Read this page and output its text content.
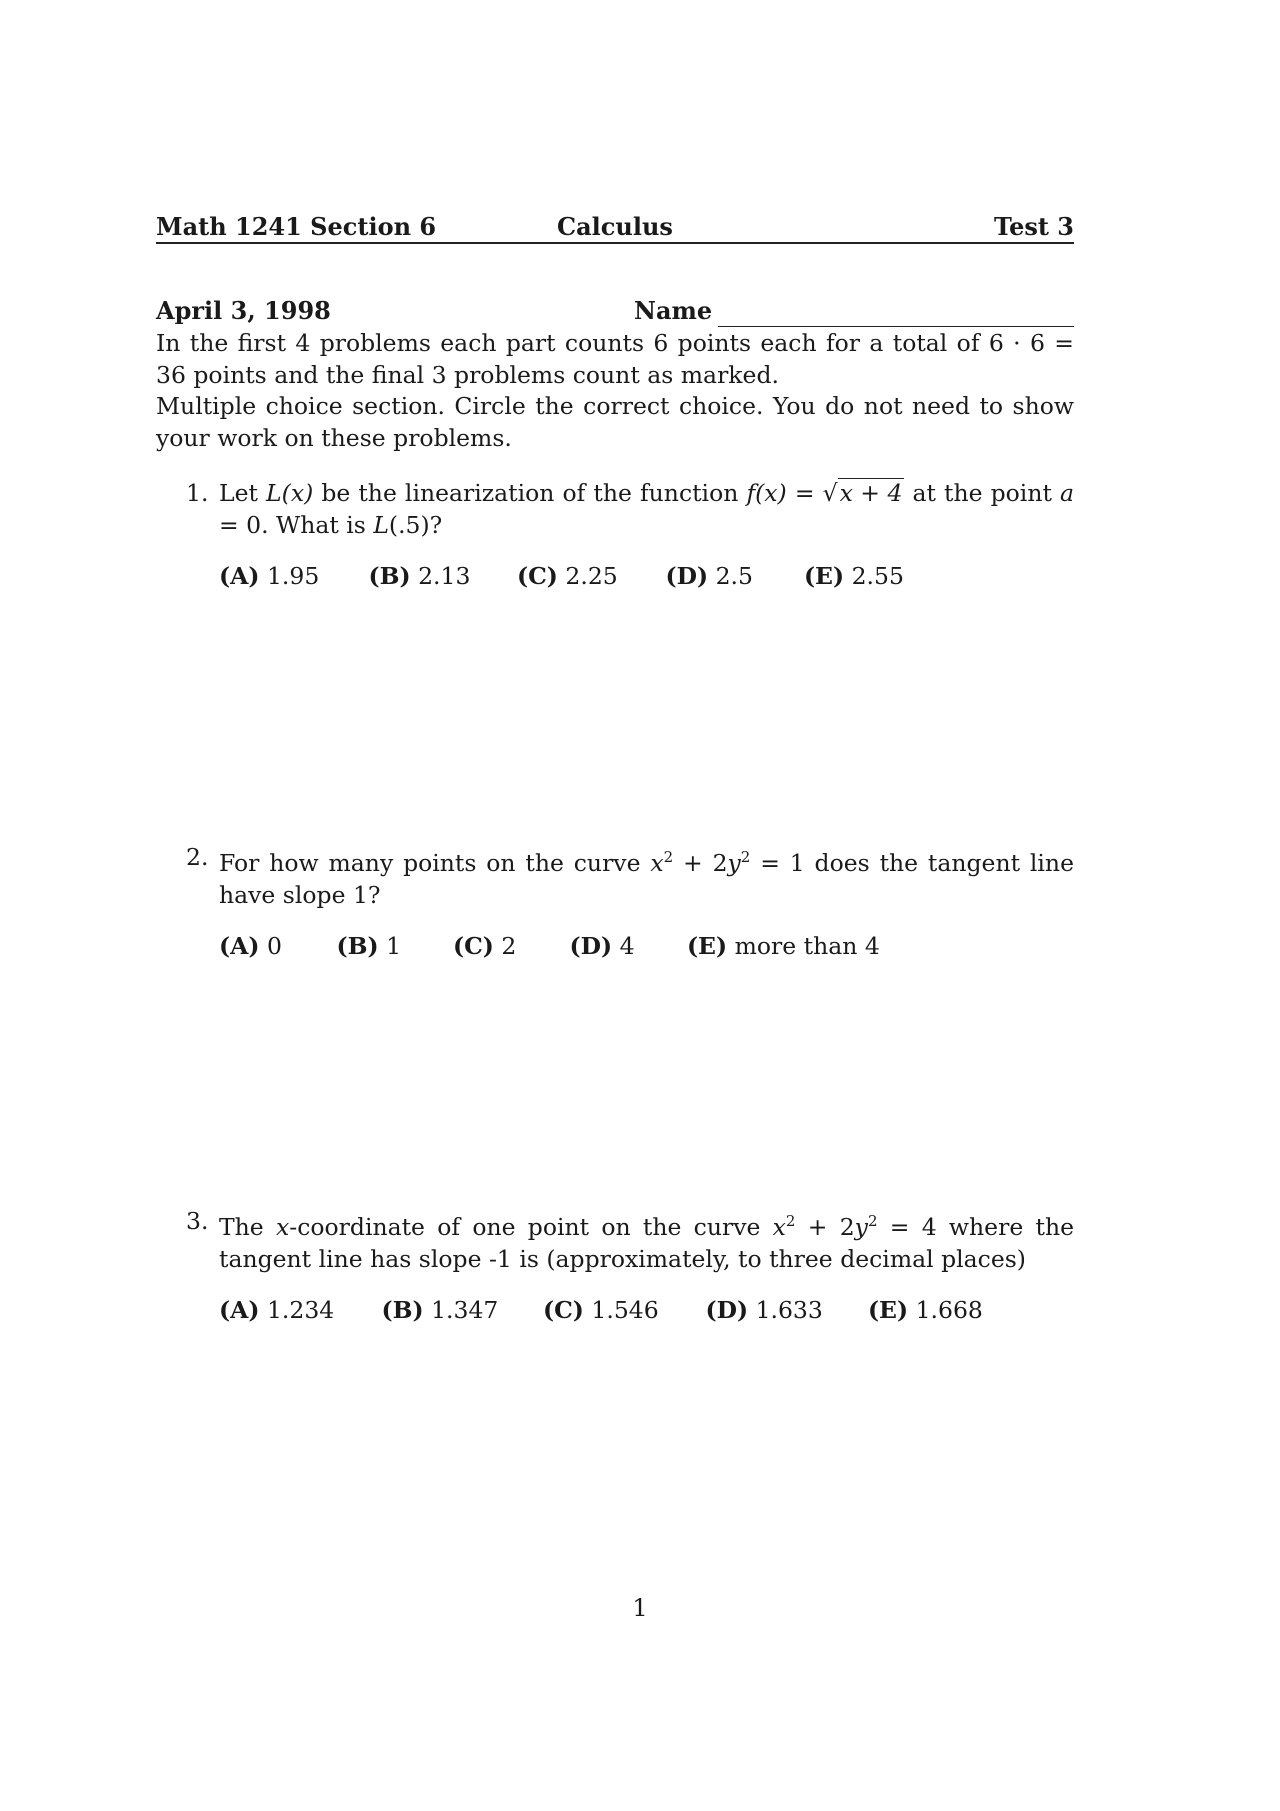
Math 1241 Section 6	Calculus	Test 3
April 3, 1998	Name

In the first 4 problems each part counts 6 points each for a total of 6 · 6 = 36 points and the final 3 problems count as marked.

Multiple choice section. Circle the correct choice. You do not need to show your work on these problems.

1. Let L(x) be the linearization of the function f(x) = √x + 4 at the point a = 0. What is L(.5)?
(A) 1.95 (B) 2.13 (C) 2.25 (D) 2.5 (E) 2.55
2. For how many points on the curve $x^2 + 2y^2 = 1$ does the tangent line have slope 1?
(A) 0 (B) 1 (C) 2 (D) 4 (E) more than 4
3. The x-coordinate of one point on the curve $x^2 + 2y^2 = 4$ where the tangent line has slope -1 is (approximately, to three decimal places)
(A) 1.234 (B) 1.347 (C) 1.546 (D) 1.633 (E) 1.668
1
